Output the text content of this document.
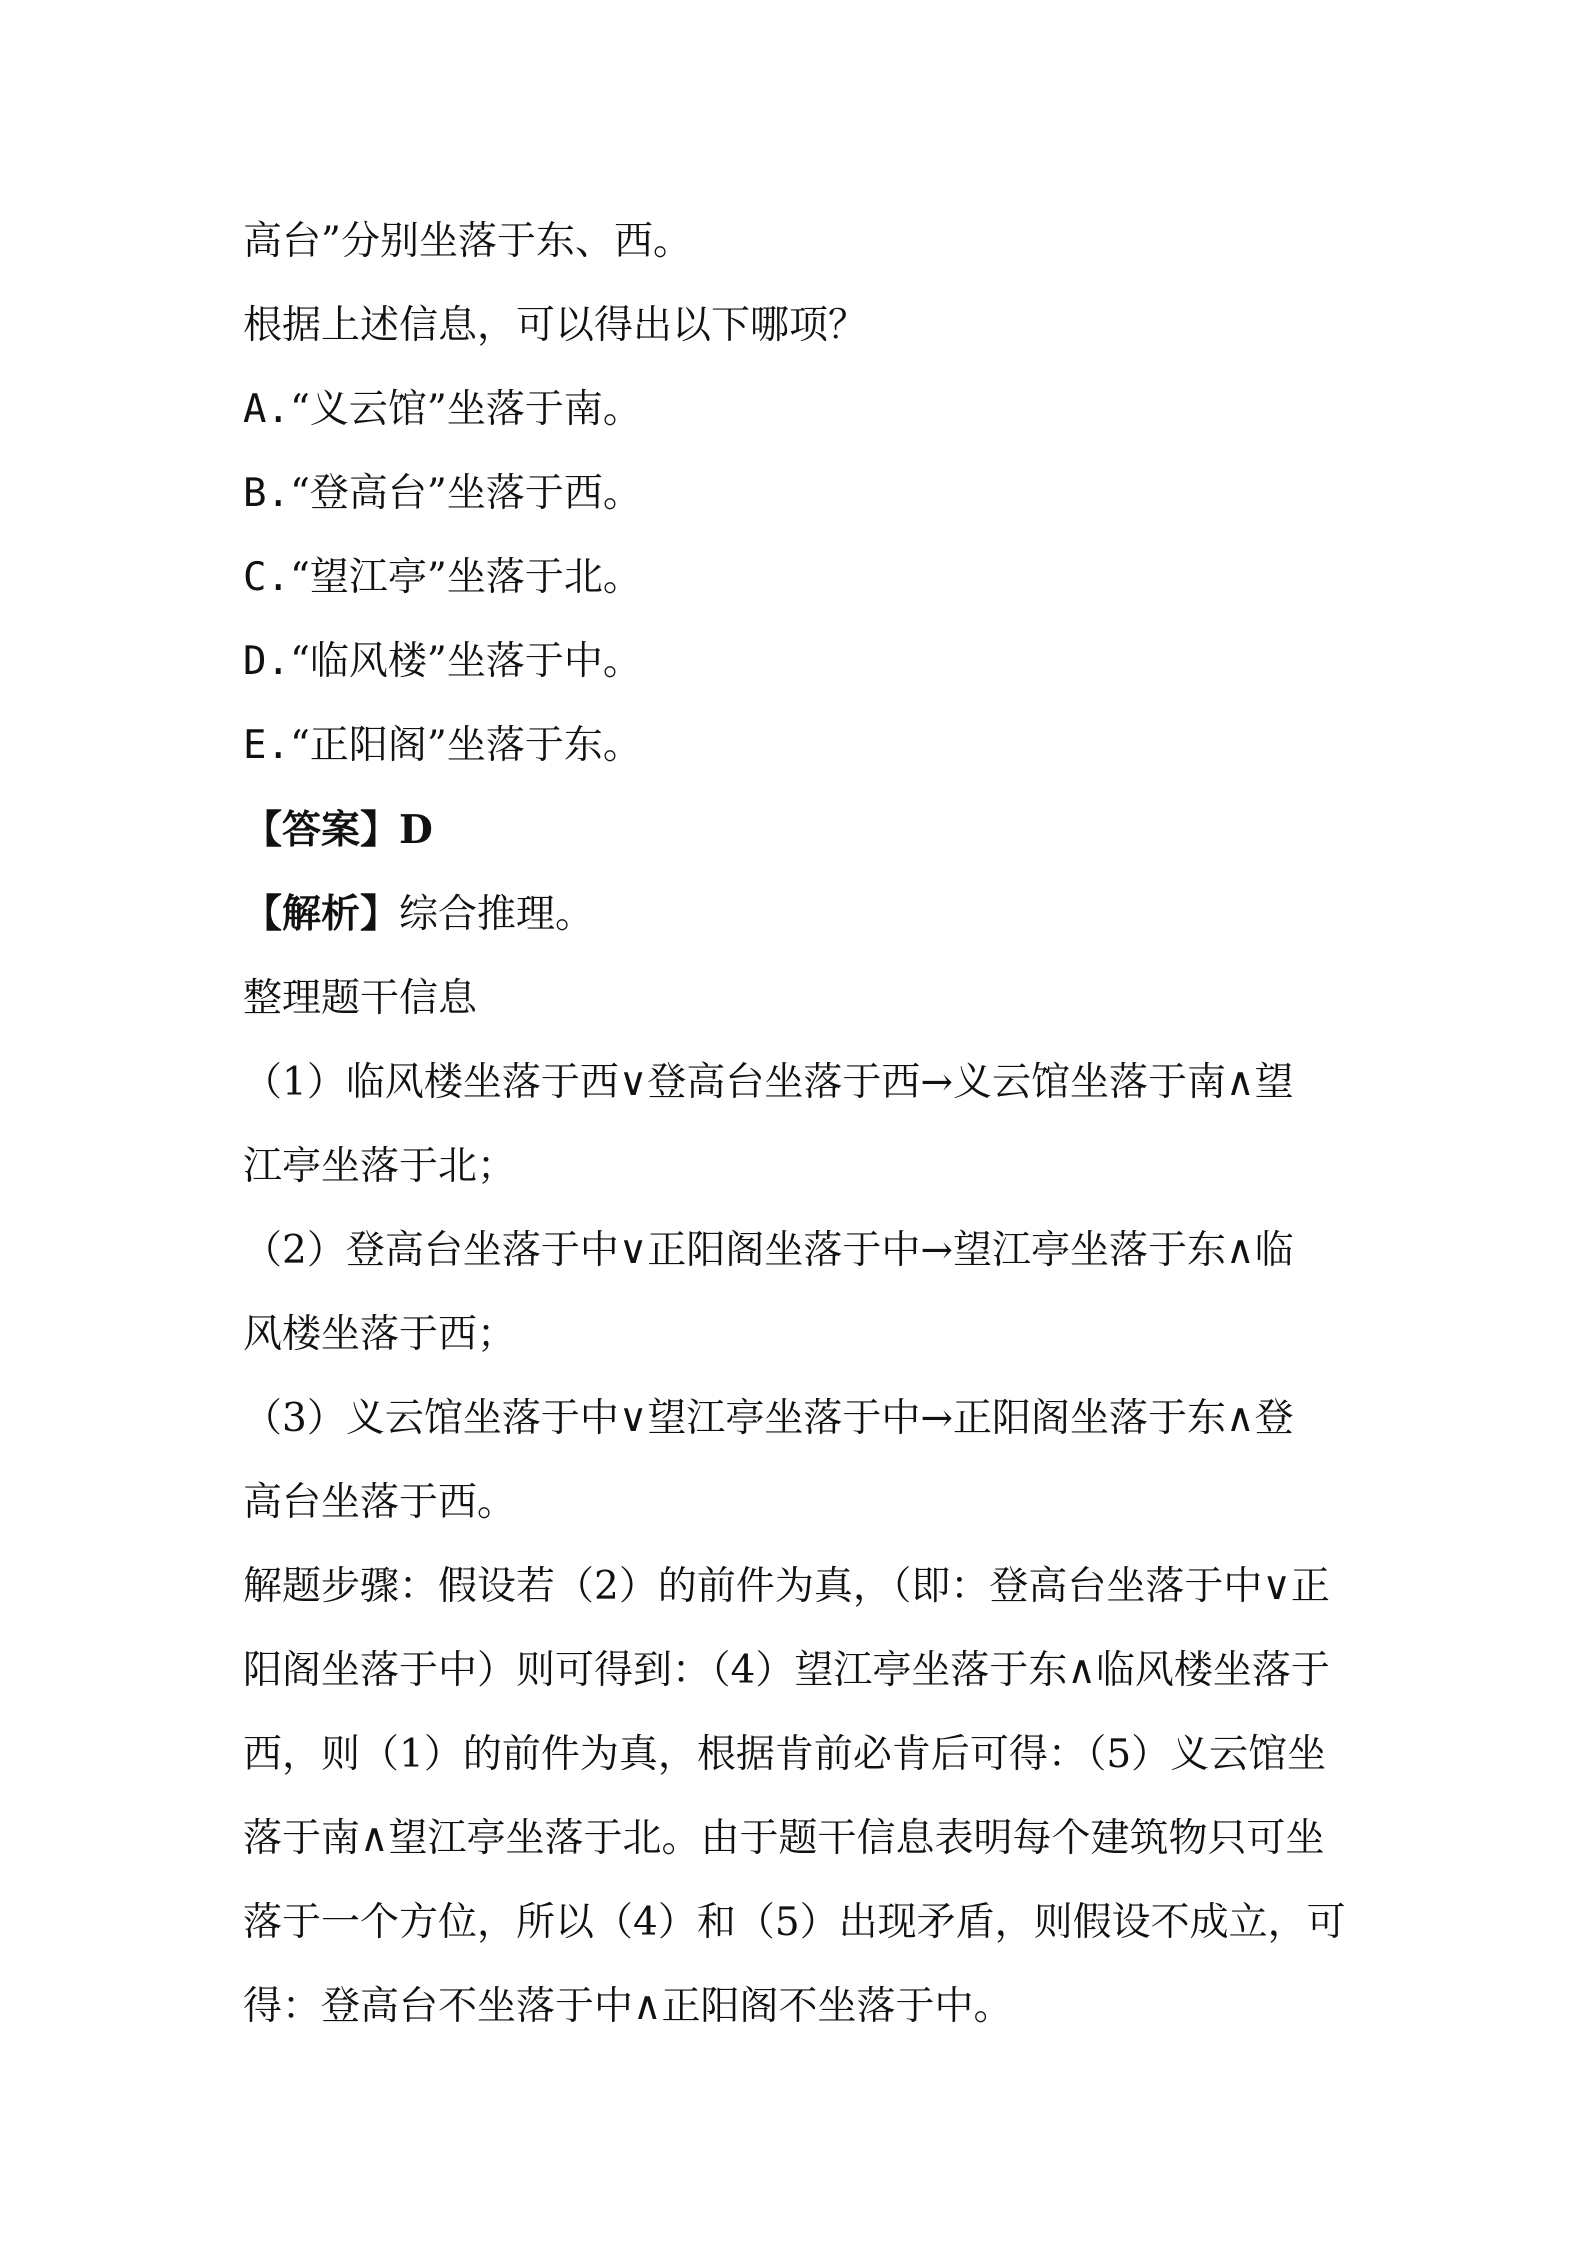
高台”分别坐落于东、西。

根据上述信息，可以得出以下哪项？

A.“义云馆”坐落于南。

B.“登高台”坐落于西。

C.“望江亭”坐落于北。

D.“临风楼”坐落于中。

E.“正阳阁”坐落于东。

【答案】D

【解析】综合推理。

整理题干信息

（1）临风楼坐落于西∨登高台坐落于西→义云馆坐落于南∧望

江亭坐落于北；

（2）登高台坐落于中∨正阳阁坐落于中→望江亭坐落于东∧临

风楼坐落于西；

（3）义云馆坐落于中∨望江亭坐落于中→正阳阁坐落于东∧登

高台坐落于西。

解题步骤：假设若（2）的前件为真，（即：登高台坐落于中∨正

阳阁坐落于中）则可得到：（4）望江亭坐落于东∧临风楼坐落于

西，则（1）的前件为真，根据肯前必肯后可得：（5）义云馆坐

落于南∧望江亭坐落于北。由于题干信息表明每个建筑物只可坐

落于一个方位，所以（4）和（5）出现矛盾，则假设不成立，可

得：登高台不坐落于中∧正阳阁不坐落于中。
